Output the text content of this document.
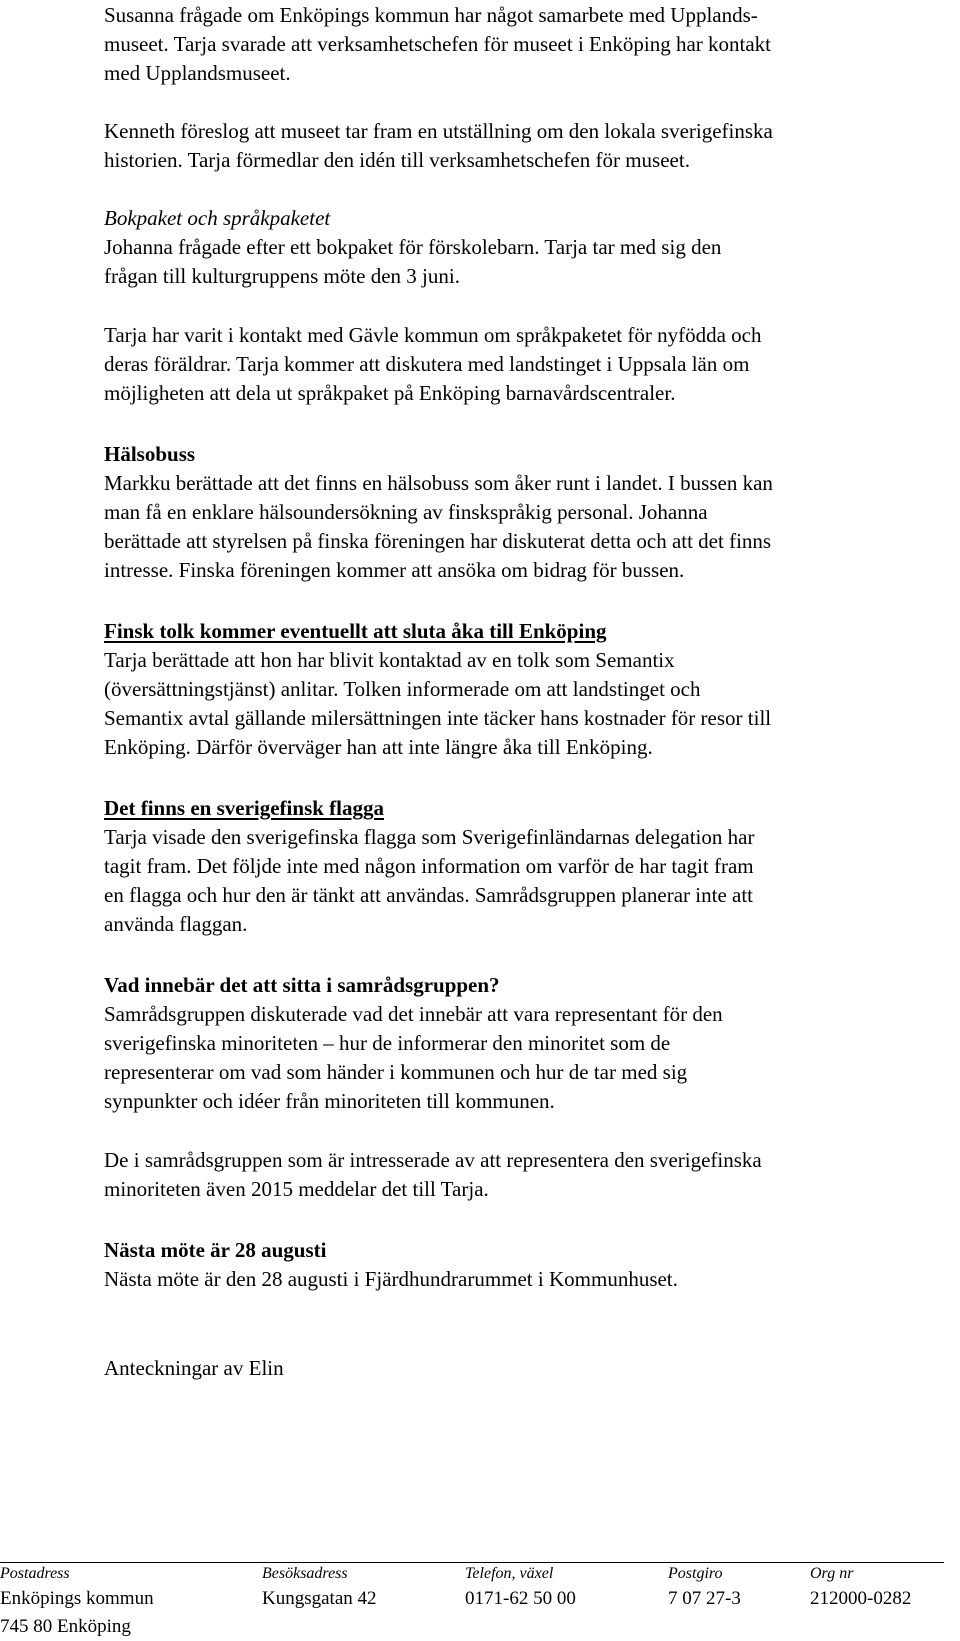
Susanna frågade om Enköpings kommun har något samarbete med Upplands-
museet. Tarja svarade att verksamhetschefen för museet i Enköping har kontakt
med Upplandsmuseet.
Kenneth föreslog att museet tar fram en utställning om den lokala sverigefinska
historien. Tarja förmedlar den idén till verksamhetschefen för museet.
Bokpaket och språkpaketet
Johanna frågade efter ett bokpaket för förskolebarn. Tarja tar med sig den
frågan till kulturgruppens möte den 3 juni.
Tarja har varit i kontakt med Gävle kommun om språkpaketet för nyfödda och
deras föräldrar. Tarja kommer att diskutera med landstinget i Uppsala län om
möjligheten att dela ut språkpaket på Enköping barnavårdscentraler.
Hälsobuss
Markku berättade att det finns en hälsobuss som åker runt i landet. I bussen kan
man få en enklare hälsoundersökning av finskspråkig personal. Johanna
berättade att styrelsen på finska föreningen har diskuterat detta och att det finns
intresse. Finska föreningen kommer att ansöka om bidrag för bussen.
Finsk tolk kommer eventuellt att sluta åka till Enköping
Tarja berättade att hon har blivit kontaktad av en tolk som Semantix
(översättningstjänst) anlitar. Tolken informerade om att landstinget och
Semantix avtal gällande milersättningen inte täcker hans kostnader för resor till
Enköping. Därför överväger han att inte längre åka till Enköping.
Det finns en sverigefinsk flagga
Tarja visade den sverigefinska flagga som Sverigefinländarnas delegation har
tagit fram. Det följde inte med någon information om varför de har tagit fram
en flagga och hur den är tänkt att användas. Samrådsgruppen planerar inte att
använda flaggan.
Vad innebär det att sitta i samrådsgruppen?
Samrådsgruppen diskuterade vad det innebär att vara representant för den
sverigefinska minoriteten – hur de informerar den minoritet som de
representerar om vad som händer i kommunen och hur de tar med sig
synpunkter och idéer från minoriteten till kommunen.
De i samrådsgruppen som är intresserade av att representera den sverigefinska
minoriteten även 2015 meddelar det till Tarja.
Nästa möte är 28 augusti
Nästa möte är den 28 augusti i Fjärdhundrarummet i Kommunhuset.
Anteckningar av Elin
Postadress
Enköpings kommun
745 80 Enköping
Besöksadress
Kungsgatan 42
Telefon, växel
0171-62 50 00
Postgiro
7 07 27-3
Org nr
212000-0282
